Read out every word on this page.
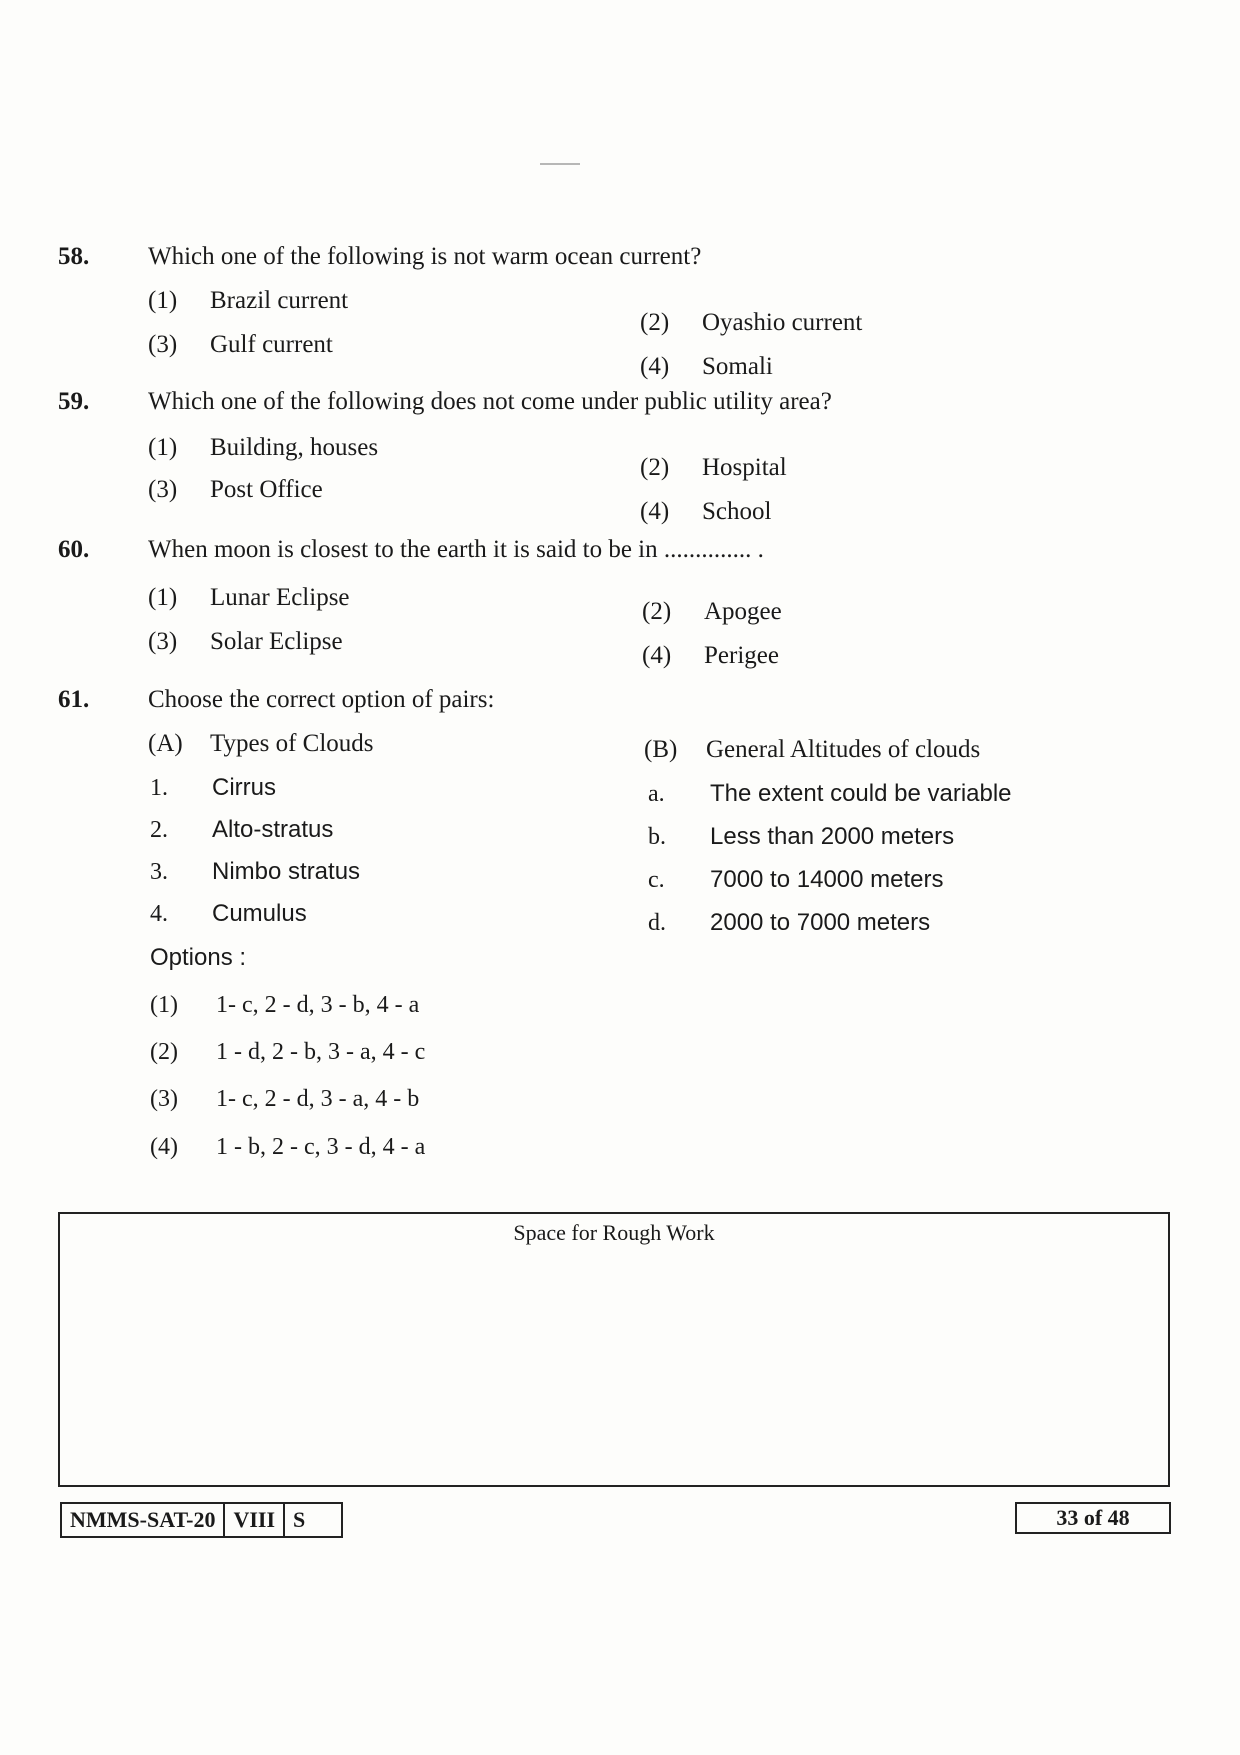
58. Which one of the following is not warm ocean current?
(1) Brazil current
(2) Oyashio current
(3) Gulf current
(4) Somali
59. Which one of the following does not come under public utility area?
(1) Building, houses
(2) Hospital
(3) Post Office
(4) School
60. When moon is closest to the earth it is said to be in .............. .
(1) Lunar Eclipse
(2) Apogee
(3) Solar Eclipse
(4) Perigee
61. Choose the correct option of pairs:
(A) Types of Clouds	(B) General Altitudes of clouds
1. Cirrus
2. Alto-stratus
3. Nimbo stratus
4. Cumulus
a. The extent could be variable
b. Less than 2000 meters
c. 7000 to 14000 meters
d. 2000 to 7000 meters
Options :
(1) 1- c, 2 - d, 3 - b, 4 - a
(2) 1 - d, 2 - b, 3 - a, 4 - c
(3) 1- c, 2 - d, 3 - a, 4 - b
(4) 1 - b, 2 - c, 3 - d, 4 - a
Space for Rough Work
NMMS-SAT-20 VIII S	33 of 48
